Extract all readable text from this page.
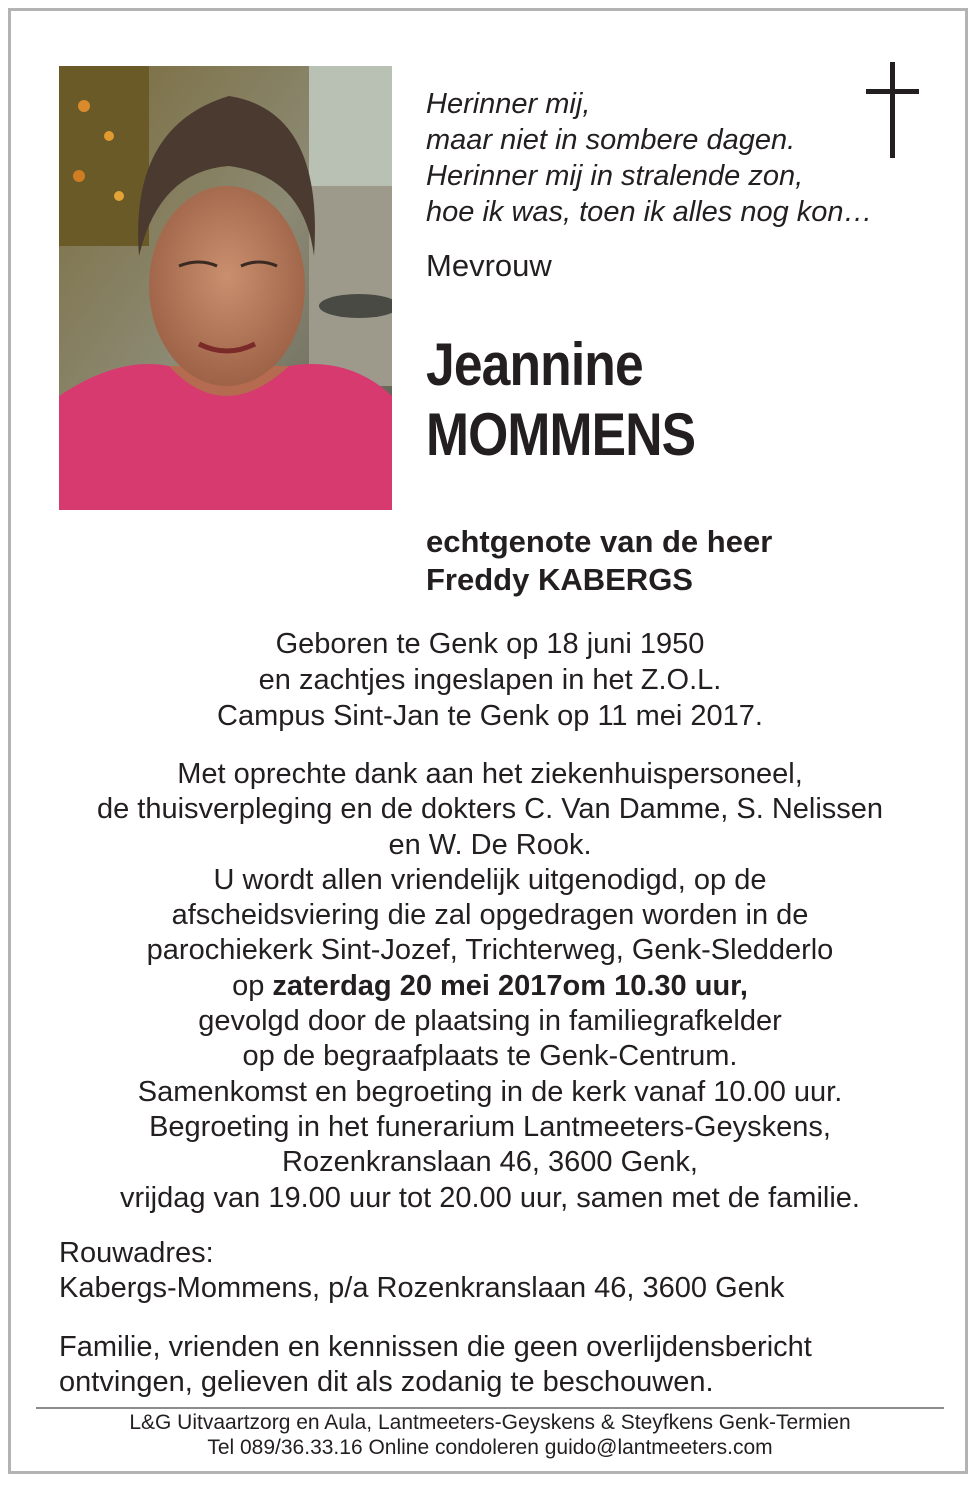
Herinner mij,
maar niet in sombere dagen.
Herinner mij in stralende zon,
hoe ik was, toen ik alles nog kon…
Mevrouw
Jeannine
MOMMENS
echtgenote van de heer
Freddy KABERGS
Geboren te Genk op 18 juni 1950
en zachtjes ingeslapen in het Z.O.L.
Campus Sint-Jan te Genk op 11 mei 2017.
Met oprechte dank aan het ziekenhuispersoneel,
de thuisverpleging en de dokters C. Van Damme, S. Nelissen
en W. De Rook.
U wordt allen vriendelijk uitgenodigd, op de
afscheidsviering die zal opgedragen worden in de
parochiekerk Sint-Jozef, Trichterweg, Genk-Sledderlo
op zaterdag 20 mei 2017om 10.30 uur,
gevolgd door de plaatsing in familiegrafkelder
op de begraafplaats te Genk-Centrum.
Samenkomst en begroeting in de kerk vanaf 10.00 uur.
Begroeting in het funerarium Lantmeeters-Geyskens,
Rozenkranslaan 46, 3600 Genk,
vrijdag van 19.00 uur tot 20.00 uur, samen met de familie.
Rouwadres:
Kabergs-Mommens, p/a Rozenkranslaan 46, 3600 Genk
Familie, vrienden en kennissen die geen overlijdensbericht
ontvingen, gelieven dit als zodanig te beschouwen.
L&G Uitvaartzorg en Aula, Lantmeeters-Geyskens & Steyfkens Genk-Termien
Tel 089/36.33.16 Online condoleren guido@lantmeeters.com
